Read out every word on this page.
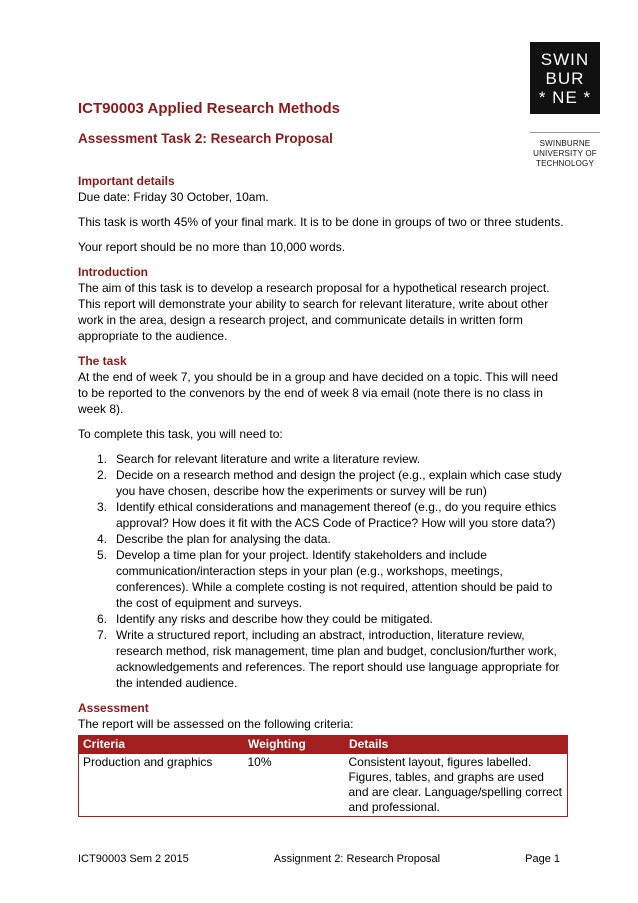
SWIN
BUR
* NE *
SWINBURNE
UNIVERSITY OF
TECHNOLOGY
ICT90003 Applied Research Methods
Assessment Task 2: Research Proposal
Important details

Due date: Friday 30 October, 10am.

This task is worth 45% of your final mark. It is to be done in groups of two or three students.

Your report should be no more than 10,000 words.

Introduction

The aim of this task is to develop a research proposal for a hypothetical research project. This report will demonstrate your ability to search for relevant literature, write about other work in the area, design a research project, and communicate details in written form appropriate to the audience.

The task

At the end of week 7, you should be in a group and have decided on a topic. This will need to be reported to the convenors by the end of week 8 via email (note there is no class in week 8).

To complete this task, you will need to:

1. Search for relevant literature and write a literature review.
2. Decide on a research method and design the project (e.g., explain which case study you have chosen, describe how the experiments or survey will be run)
3. Identify ethical considerations and management thereof (e.g., do you require ethics approval? How does it fit with the ACS Code of Practice? How will you store data?)
4. Describe the plan for analysing the data.
5. Develop a time plan for your project. Identify stakeholders and include communication/interaction steps in your plan (e.g., workshops, meetings, conferences). While a complete costing is not required, attention should be paid to the cost of equipment and surveys.
6. Identify any risks and describe how they could be mitigated.
7. Write a structured report, including an abstract, introduction, literature review, research method, risk management, time plan and budget, conclusion/further work, acknowledgements and references. The report should use language appropriate for the intended audience.
Assessment

The report will be assessed on the following criteria:

Criteria	Weighting	Details
Production and graphics	10%	Consistent layout, figures labelled. Figures, tables, and graphs are used and are clear. Language/spelling correct and professional.
ICT90003 Sem 2 2015	Assignment 2: Research Proposal	Page 1
